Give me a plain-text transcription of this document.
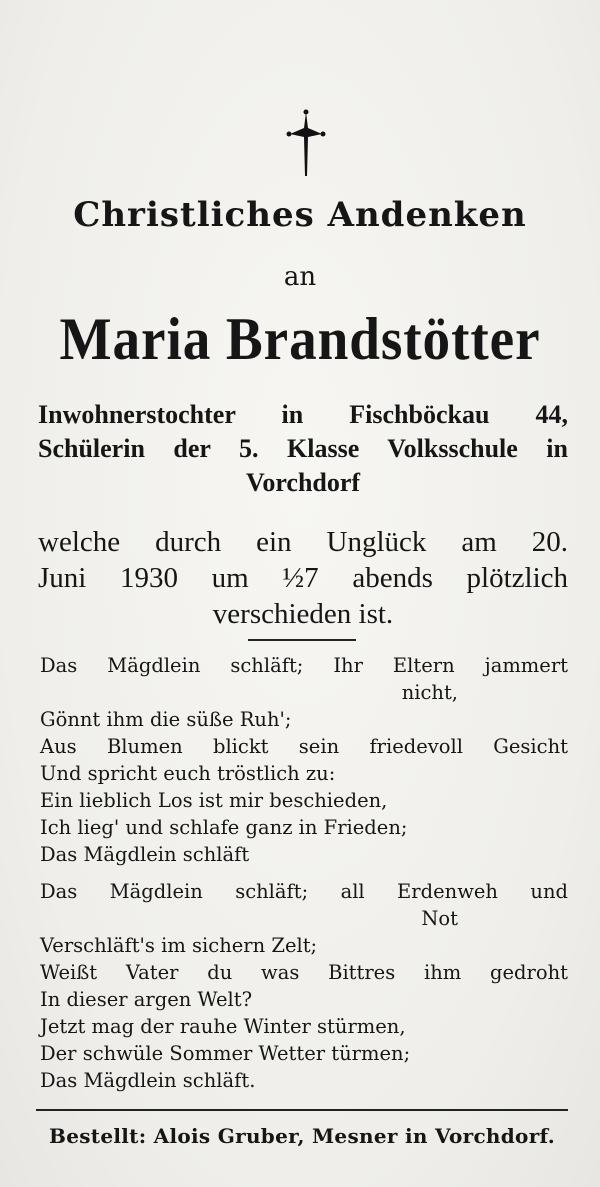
Christliches Andenken
an
Maria Brandstötter
Inwohnerstochter in Fischböckau 44,
Schülerin der 5. Klasse Volksschule in
Vorchdorf
welche durch ein Unglück am 20.
Juni 1930 um ½7 abends plötzlich
verschieden ist.
Das Mägdlein schläft; Ihr Eltern jammert
nicht,
Gönnt ihm die süße Ruh';
Aus Blumen blickt sein friedevoll Gesicht
Und spricht euch tröstlich zu:
Ein lieblich Los ist mir beschieden,
Ich lieg' und schlafe ganz in Frieden;
Das Mägdlein schläft
Das Mägdlein schläft; all Erdenweh und
Not
Verschläft's im sichern Zelt;
Weißt Vater du was Bittres ihm gedroht
In dieser argen Welt?
Jetzt mag der rauhe Winter stürmen,
Der schwüle Sommer Wetter türmen;
Das Mägdlein schläft.
Bestellt: Alois Gruber, Mesner in Vorchdorf.
